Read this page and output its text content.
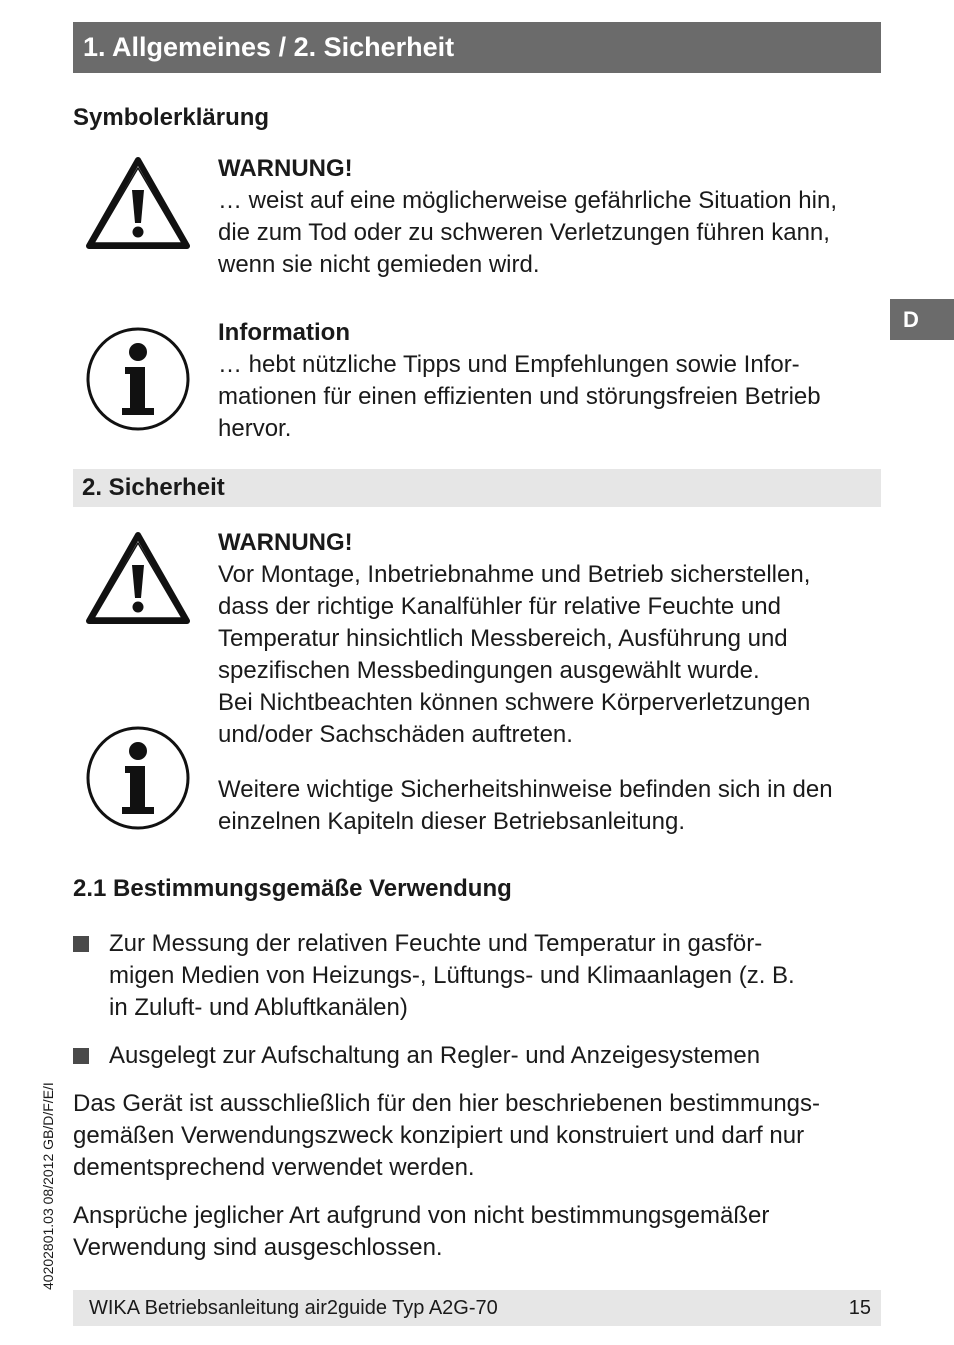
1. Allgemeines / 2. Sicherheit
D
Symbolerklärung
WARNUNG!
… weist auf eine möglicherweise gefährliche Situation hin,
die zum Tod oder zu schweren Verletzungen führen kann,
wenn sie nicht gemieden wird.
Information
… hebt nützliche Tipps und Empfehlungen sowie Infor-
mationen für einen effizienten und störungsfreien Betrieb
hervor.
2. Sicherheit
WARNUNG!
Vor Montage, Inbetriebnahme und Betrieb sicherstellen,
dass der richtige Kanalfühler für relative Feuchte und
Temperatur hinsichtlich Messbereich, Ausführung und
spezifischen Messbedingungen ausgewählt wurde.
Bei Nichtbeachten können schwere Körperverletzungen
und/oder Sachschäden auftreten.
Weitere wichtige Sicherheitshinweise befinden sich in den
einzelnen Kapiteln dieser Betriebsanleitung.
2.1 Bestimmungsgemäße Verwendung
Zur Messung der relativen Feuchte und Temperatur in gasför-
migen Medien von Heizungs-, Lüftungs- und Klimaanlagen (z. B.
in Zuluft- und Abluftkanälen)
Ausgelegt zur Aufschaltung an Regler- und Anzeigesystemen
Das Gerät ist ausschließlich für den hier beschriebenen bestimmungs-
gemäßen Verwendungszweck konzipiert und konstruiert und darf nur
dementsprechend verwendet werden.
Ansprüche jeglicher Art aufgrund von nicht bestimmungsgemäßer
Verwendung sind ausgeschlossen.
40202801.03 08/2012 GB/D/F/E/I
WIKA Betriebsanleitung air2guide Typ A2G-70	15
